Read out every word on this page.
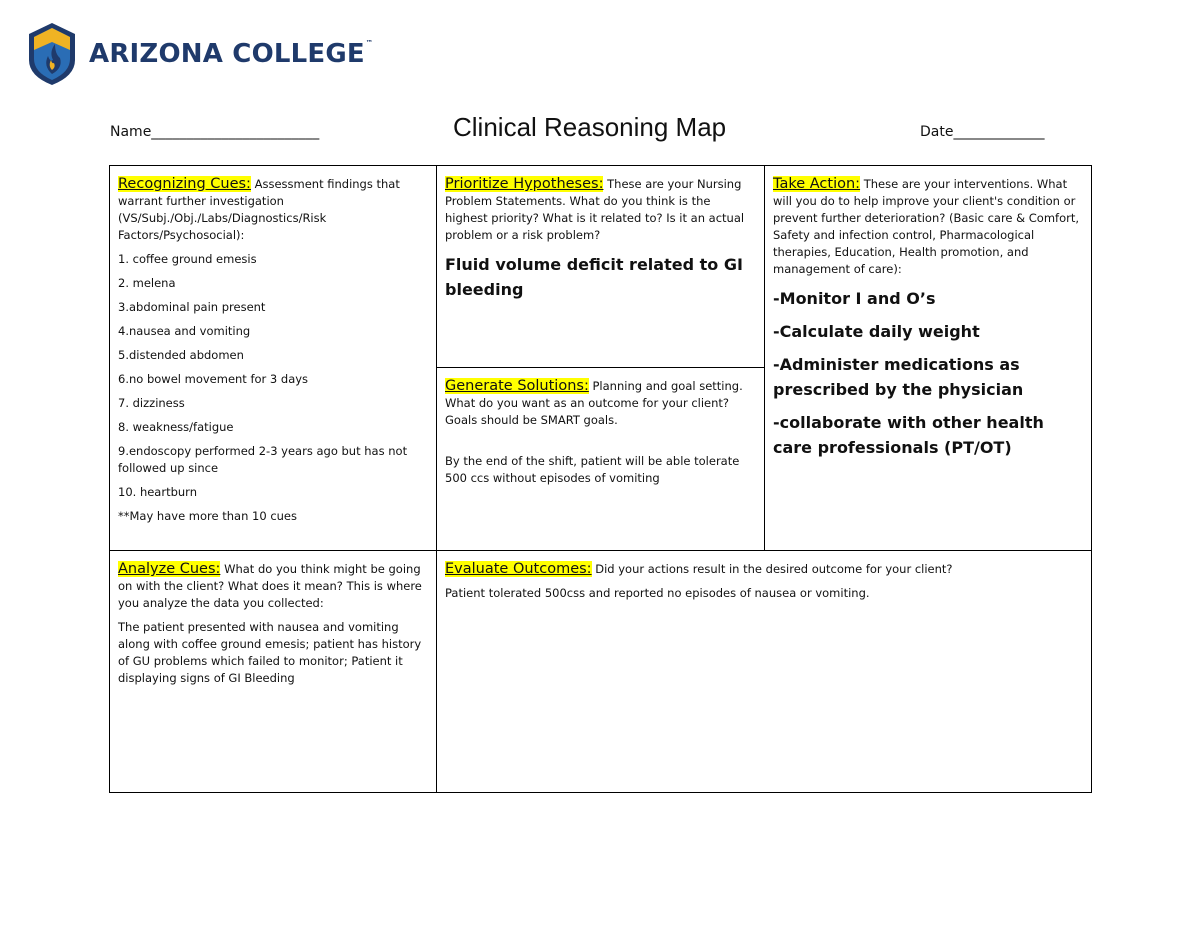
ARIZONA COLLEGE™
Name________________________	Clinical Reasoning Map	Date_____________

Recognizing Cues: Assessment findings that warrant further investigation (VS/Subj./Obj./Labs/Diagnostics/Risk Factors/Psychosocial):

1. coffee ground emesis

2. melena

3.abdominal pain present

4.nausea and vomiting

5.distended abdomen

6.no bowel movement for 3 days

7. dizziness

8. weakness/fatigue

9.endoscopy performed 2-3 years ago but has not followed up since

10. heartburn

**May have more than 10 cues

Prioritize Hypotheses: These are your Nursing Problem Statements. What do you think is the highest priority? What is it related to? Is it an actual problem or a risk problem?

Fluid volume deficit related to GI bleeding

Generate Solutions: Planning and goal setting. What do you want as an outcome for your client? Goals should be SMART goals.

By the end of the shift, patient will be able tolerate 500 ccs without episodes of vomiting

Take Action: These are your interventions. What will you do to help improve your client's condition or prevent further deterioration? (Basic care & Comfort, Safety and infection control, Pharmacological therapies, Education, Health promotion, and management of care):

-Monitor I and O’s

-Calculate daily weight

-Administer medications as prescribed by the physician

-collaborate with other health care professionals (PT/OT)

Analyze Cues: What do you think might be going on with the client? What does it mean? This is where you analyze the data you collected:

The patient presented with nausea and vomiting along with coffee ground emesis; patient has history of GU problems which failed to monitor; Patient it displaying signs of GI Bleeding

Evaluate Outcomes: Did your actions result in the desired outcome for your client?

Patient tolerated 500css and reported no episodes of nausea or vomiting.
